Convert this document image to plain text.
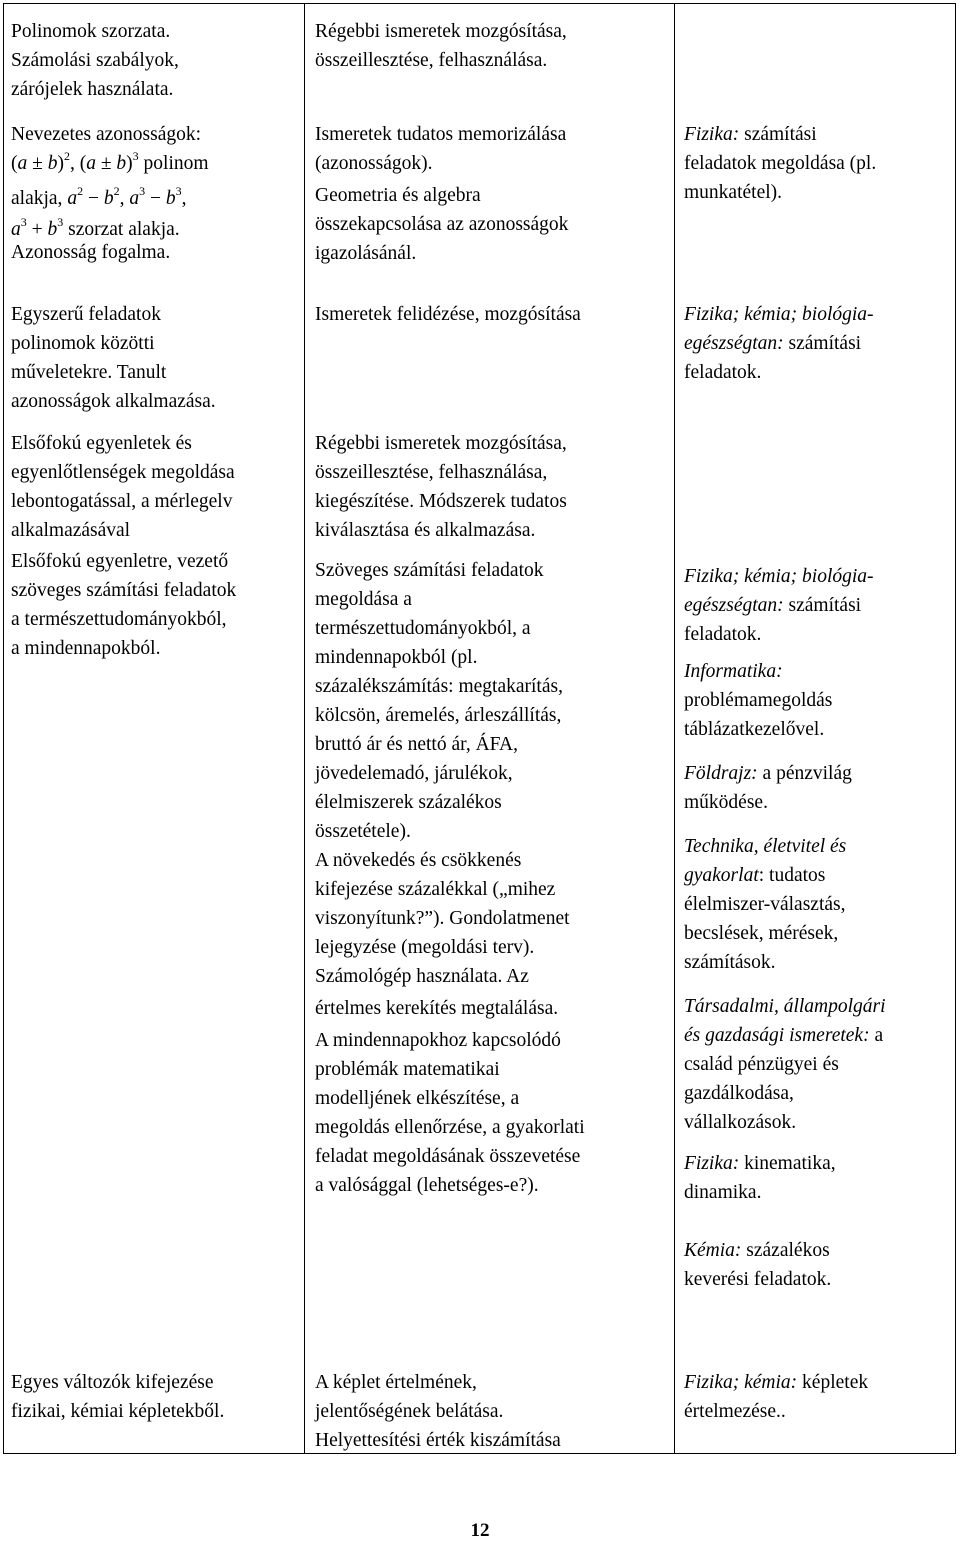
Polinomok szorzata.

Számolási szabályok,

zárójelek használata.

Régebbi ismeretek mozgósítása,

összeillesztése, felhasználása.

Nevezetes azonosságok:

$(a \pm b)^2$, $(a \pm b)^3$ polinom

alakja, $a^2 - b^2$, $a^3 - b^3$,

$a^3 + b^3$ szorzat alakja.

Azonosság fogalma.

Ismeretek tudatos memorizálása

(azonosságok).

Geometria és algebra

összekapcsolása az azonosságok

igazolásánál.

Fizika: számítási

feladatok megoldása (pl.

munkatétel).

Egyszerű feladatok

polinomok közötti

műveletekre. Tanult

azonosságok alkalmazása.

Ismeretek felidézése, mozgósítása	Fizika; kémia; biológia-

egészségtan: számítási

feladatok.

Elsőfokú egyenletek és

egyenlőtlenségek megoldása

lebontogatással, a mérlegelv

alkalmazásával

Elsőfokú egyenletre, vezető

szöveges számítási feladatok

a természettudományokból,

a mindennapokból.

Régebbi ismeretek mozgósítása,

összeillesztése, felhasználása,

kiegészítése. Módszerek tudatos

kiválasztása és alkalmazása.

Szöveges számítási feladatok

megoldása a

természettudományokból, a

mindennapokból (pl.

százalékszámítás: megtakarítás,

kölcsön, áremelés, árleszállítás,

bruttó ár és nettó ár, ÁFA,

jövedelemadó, járulékok,

élelmiszerek százalékos

összetétele).

A növekedés és csökkenés

kifejezése százalékkal („mihez

viszonyítunk?”). Gondolatmenet

lejegyzése (megoldási terv).

Számológép használata. Az

értelmes kerekítés megtalálása.

A mindennapokhoz kapcsolódó

problémák matematikai

modelljének elkészítése, a

megoldás ellenőrzése, a gyakorlati

feladat megoldásának összevetése

a valósággal (lehetséges-e?).

Fizika; kémia; biológia-

egészségtan: számítási

feladatok.

Informatika:

problémamegoldás

táblázatkezelővel.

Földrajz: a pénzvilág

működése.

Technika, életvitel és

gyakorlat: tudatos

élelmiszer-választás,

becslések, mérések,

számítások.

Társadalmi, állampolgári

és gazdasági ismeretek: a

család pénzügyei és

gazdálkodása,

vállalkozások.

Fizika: kinematika,

dinamika.

Kémia: százalékos

keverési feladatok.

Egyes változók kifejezése

fizikai, kémiai képletekből.

A képlet értelmének,

jelentőségének belátása.

Helyettesítési érték kiszámítása

Fizika; kémia: képletek

értelmezése..

12
